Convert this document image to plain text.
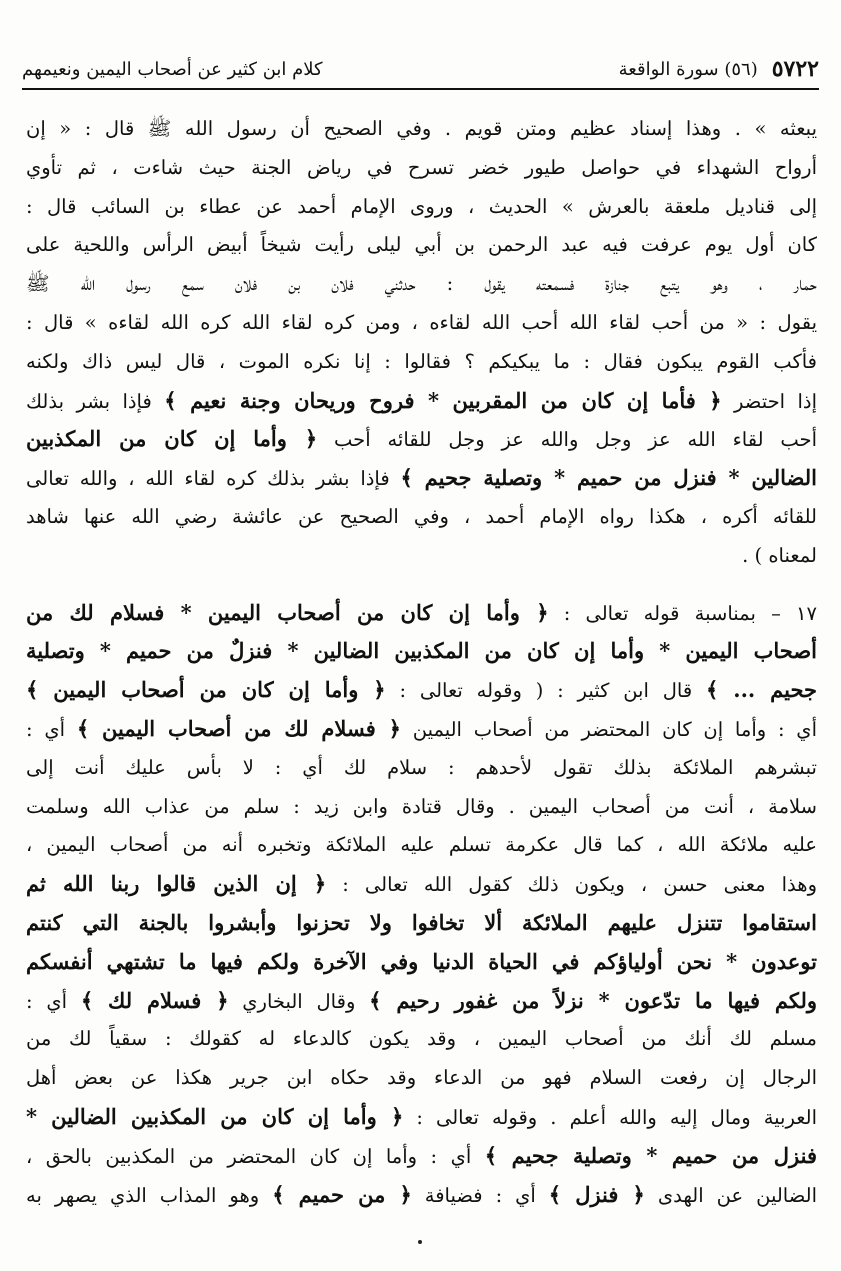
٥٧٢٢
(٥٦) سورة الواقعة
كلام ابن كثير عن أصحاب اليمين ونعيمهم
يبعثه » . وهذا إسناد عظيم ومتن قويم . وفي الصحيح أن رسول الله ﷺ قال : « إن
أرواح الشهداء في حواصل طيور خضر تسرح في رياض الجنة حيث شاءت ، ثم تأوي
إلى قناديل ملعقة بالعرش » الحديث ، وروى الإمام أحمد عن عطاء بن السائب قال :
كان أول يوم عرفت فيه عبد الرحمن بن أبي ليلى رأيت شيخاً أبيض الرأس واللحية على
حمار ، وهو يتبع جنازة فسمعته يقول : حدثني فلان بن فلان سمع رسول الله ﷺ
يقول : « من أحب لقاء الله أحب الله لقاءه ، ومن كره لقاء الله كره الله لقاءه » قال :
فأكب القوم يبكون فقال : ما يبكيكم ؟ فقالوا : إنا نكره الموت ، قال ليس ذاك ولكنه
إذا احتضر ﴿ فأما إن كان من المقربين * فروح وريحان وجنة نعيم ﴾ فإذا بشر بذلك
أحب لقاء الله عز وجل والله عز وجل للقائه أحب ﴿ وأما إن كان من المكذبين
الضالين * فنزل من حميم * وتصلية جحيم ﴾ فإذا بشر بذلك كره لقاء الله ، والله تعالى
للقائه أكره ، هكذا رواه الإمام أحمد ، وفي الصحيح عن عائشة رضي الله عنها شاهد
لمعناه ) .
١٧ – بمناسبة قوله تعالى : ﴿ وأما إن كان من أصحاب اليمين * فسلام لك من
أصحاب اليمين * وأما إن كان من المكذبين الضالين * فنزلٌ من حميم * وتصلية
جحيم ... ﴾ قال ابن كثير : ( وقوله تعالى : ﴿ وأما إن كان من أصحاب اليمين ﴾
أي : وأما إن كان المحتضر من أصحاب اليمين ﴿ فسلام لك من أصحاب اليمين ﴾ أي :
تبشرهم الملائكة بذلك تقول لأحدهم : سلام لك أي : لا بأس عليك أنت إلى
سلامة ، أنت من أصحاب اليمين . وقال قتادة وابن زيد : سلم من عذاب الله وسلمت
عليه ملائكة الله ، كما قال عكرمة تسلم عليه الملائكة وتخبره أنه من أصحاب اليمين ،
وهذا معنى حسن ، ويكون ذلك كقول الله تعالى : ﴿ إن الذين قالوا ربنا الله ثم
استقاموا تتنزل عليهم الملائكة ألا تخافوا ولا تحزنوا وأبشروا بالجنة التي كنتم
توعدون * نحن أولياؤكم في الحياة الدنيا وفي الآخرة ولكم فيها ما تشتهي أنفسكم
ولكم فيها ما تدّعون * نزلاً من غفور رحيم ﴾ وقال البخاري ﴿ فسلام لك ﴾ أي :
مسلم لك أنك من أصحاب اليمين ، وقد يكون كالدعاء له كقولك : سقياً لك من
الرجال إن رفعت السلام فهو من الدعاء وقد حكاه ابن جرير هكذا عن بعض أهل
العربية ومال إليه والله أعلم . وقوله تعالى : ﴿ وأما إن كان من المكذبين الضالين *
فنزل من حميم * وتصلية جحيم ﴾ أي : وأما إن كان المحتضر من المكذبين بالحق ،
الضالين عن الهدى ﴿ فنزل ﴾ أي : فضيافة ﴿ من حميم ﴾ وهو المذاب الذي يصهر به
